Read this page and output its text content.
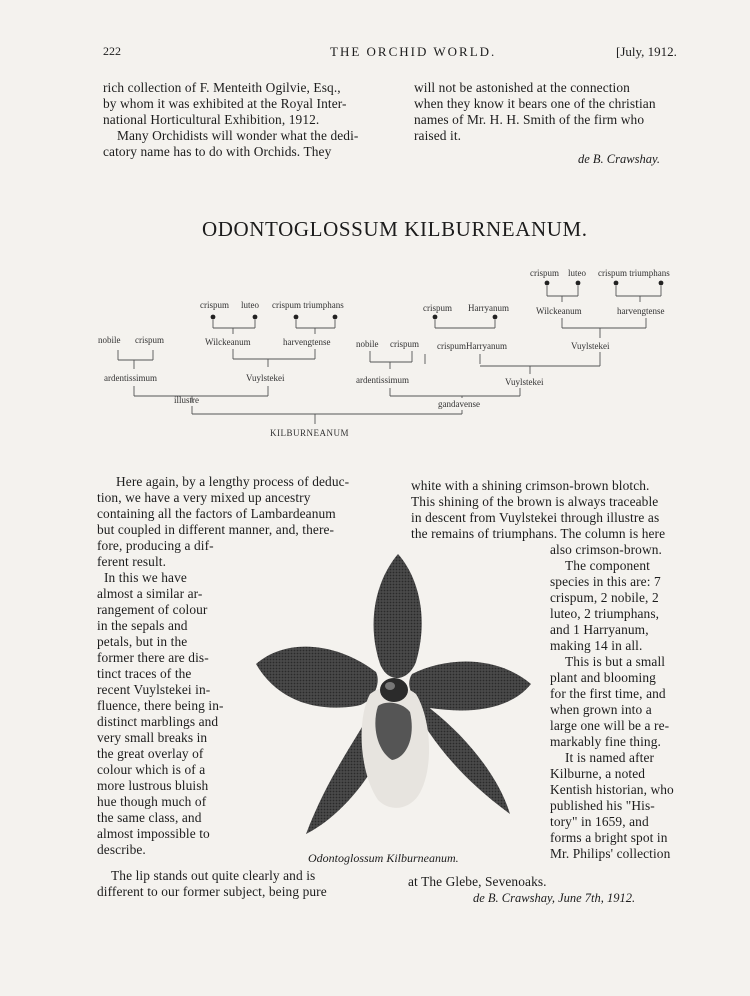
222	THE ORCHID WORLD.	[July, 1912.
rich collection of F. Menteith Ogilvie, Esq.,
by whom it was exhibited at the Royal Inter-
national Horticultural Exhibition, 1912.
Many Orchidists will wonder what the dedi-
catory name has to do with Orchids. They
will not be astonished at the connection
when they know it bears one of the christian
names of Mr. H. H. Smith of the firm who
raised it.
de B. Crawshay.
ODONTOGLOSSUM KILBURNEANUM.
crispum luteo crispum triumphans
crispum luteo crispum triumphans	crispum Harryanum	Wilckeanum	harvengtense
nobile crispum	Wilckeanum	harvengtense	nobile crispum crispum Harryanum	Vuylstekei
ardentissimum	Vuylstekei	ardentissimum	Vuylstekei
illustre	gandavense
KILBURNEANUM
Here again, by a lengthy process of deduc-
tion, we have a very mixed up ancestry
containing all the factors of Lambardeanum
but coupled in different manner, and, there-
fore, producing a dif-
ferent result.
In this we have
almost a similar ar-
rangement of colour
in the sepals and
petals, but in the
former there are dis-
tinct traces of the
recent Vuylstekei in-
fluence, there being in-
distinct marblings and
very small breaks in
the great overlay of
colour which is of a
more lustrous bluish
hue though much of
the same class, and
almost impossible to
describe.
The lip stands out quite clearly and is
different to our former subject, being pure
white with a shining crimson-brown blotch.
This shining of the brown is always traceable
in descent from Vuylstekei through illustre as
the remains of triumphans. The column is here
also crimson-brown.
The component
species in this are: 7
crispum, 2 nobile, 2
luteo, 2 triumphans,
and 1 Harryanum,
making 14 in all.
This is but a small
plant and blooming
for the first time, and
when grown into a
large one will be a re-
markably fine thing.
It is named after
Kilburne, a noted
Kentish historian, who
published his "His-
tory" in 1659, and
forms a bright spot in
Mr. Philips' collection
at The Glebe, Sevenoaks.
de B. Crawshay, June 7th, 1912.
Odontoglossum Kilburneanum.
